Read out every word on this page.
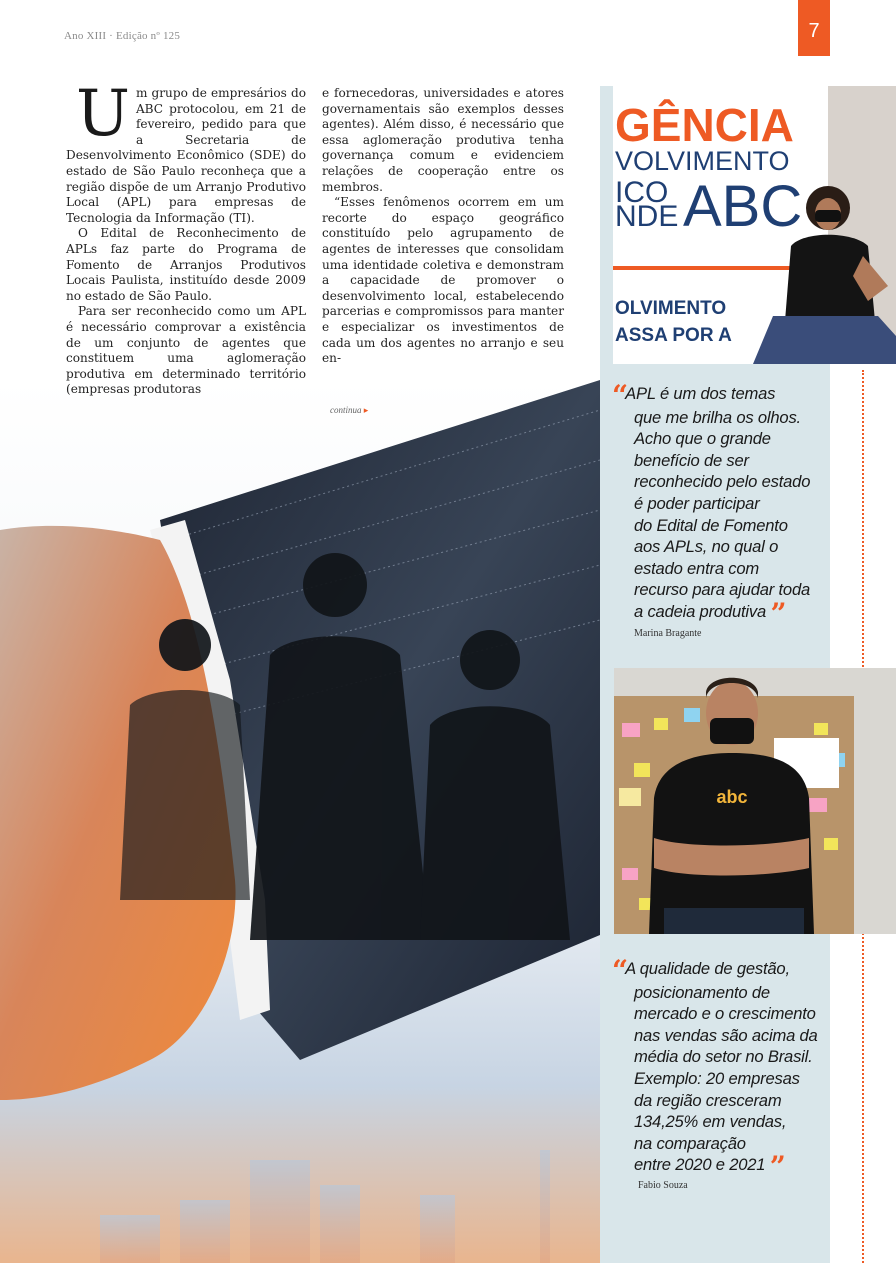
Ano XIII · Edição nº 125	7
U m grupo de empresários do ABC protocolou, em 21 de fevereiro, pedido para que a Secretaria de Desenvolvimento Econômico (SDE) do estado de São Paulo reconheça que a região dispõe de um Arranjo Produtivo Local (APL) para empresas de Tecnologia da Informação (TI).

O Edital de Reconhecimento de APLs faz parte do Programa de Fomento de Arranjos Produtivos Locais Paulista, instituído desde 2009 no estado de São Paulo.

Para ser reconhecido como um APL é necessário comprovar a existência de um conjunto de agentes que constituem uma aglomeração produtiva em determinado território (empresas produtoras

e fornecedoras, universidades e atores governamentais são exemplos desses agentes). Além disso, é necessário que essa aglomeração produtiva tenha governança comum e evidenciem relações de cooperação entre os membros.

“Esses fenômenos ocorrem em um recorte do espaço geográfico constituído pelo agrupamento de agentes de interesses que consolidam uma identidade coletiva e demonstram a capacidade de promover o desenvolvimento local, estabelecendo parcerias e compromissos para manter e especializar os investimentos de cada um dos agentes no arranjo e seu en-

continua ▸
GÊNCIA
VOLVIMENTO
ICO
NDE ABC
OLVIMENTO
ASSA POR A
“APL é um dos temas
que me brilha os olhos.
Acho que o grande
benefício de ser
reconhecido pelo estado
é poder participar
do Edital de Fomento
aos APLs, no qual o
estado entra com
recurso para ajudar toda
a cadeia produtiva ”
Marina Bragante
abc
“A qualidade de gestão,
posicionamento de
mercado e o crescimento
nas vendas são acima da
média do setor no Brasil.
Exemplo: 20 empresas
da região cresceram
134,25% em vendas,
na comparação
entre 2020 e 2021 ”
Fabio Souza
